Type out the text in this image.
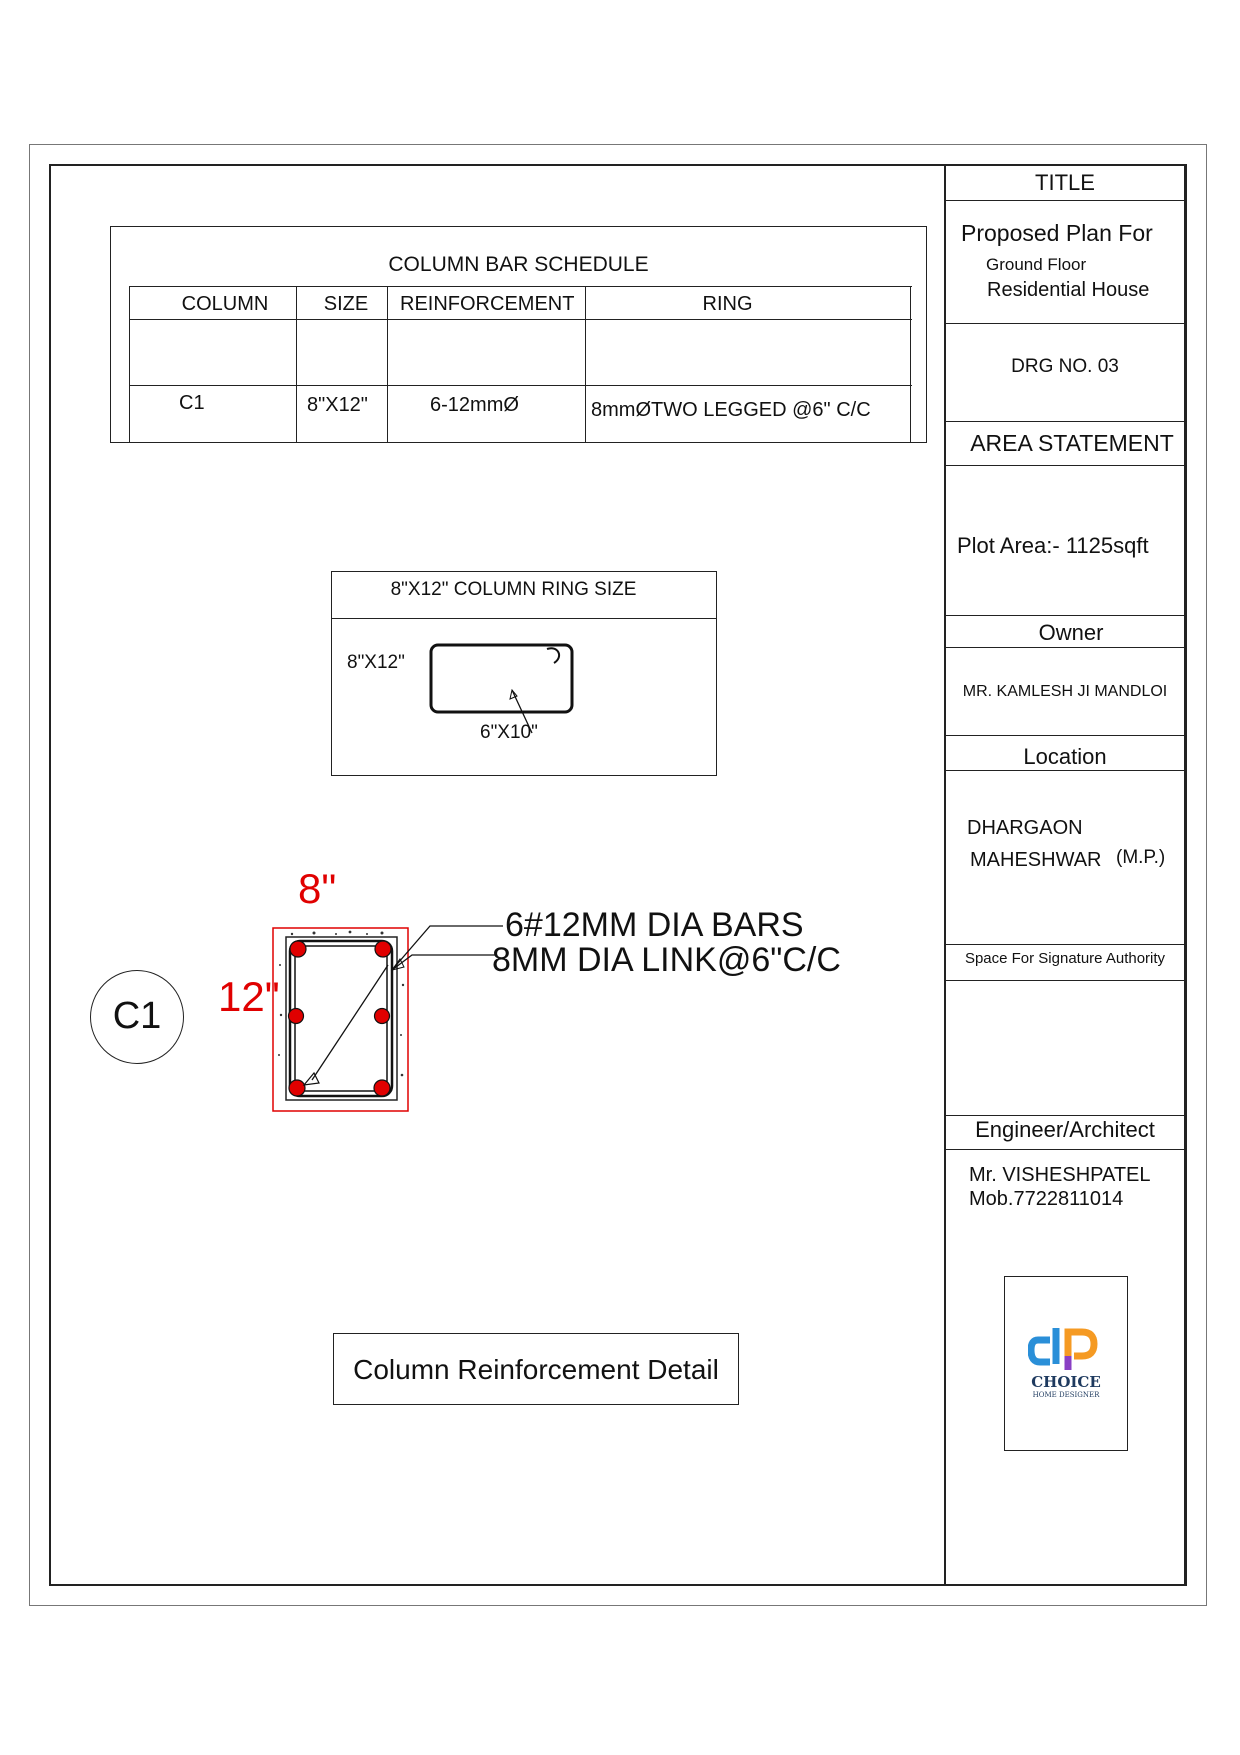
COLUMN BAR SCHEDULE
COLUMN	SIZE	REINFORCEMENT	RING
C1	8"X12"	6-12mmØ	8mmØTWO LEGGED @6" C/C
8"X12" COLUMN RING SIZE
8"X12"
6"X10"
8"
12"
6#12MM DIA BARS
8MM DIA LINK@6"C/C
C1
Column Reinforcement Detail
TITLE
Proposed Plan For
Ground Floor
Residential House
DRG NO. 03
AREA STATEMENT
Plot Area:- 1125sqft
Owner
MR. KAMLESH JI MANDLOI
Location
DHARGAON
MAHESHWAR (M.P.)
Space For Signature Authority
Engineer/Architect
Mr. VISHESHPATEL
Mob.7722811014
CHOICE
HOME DESIGNER
